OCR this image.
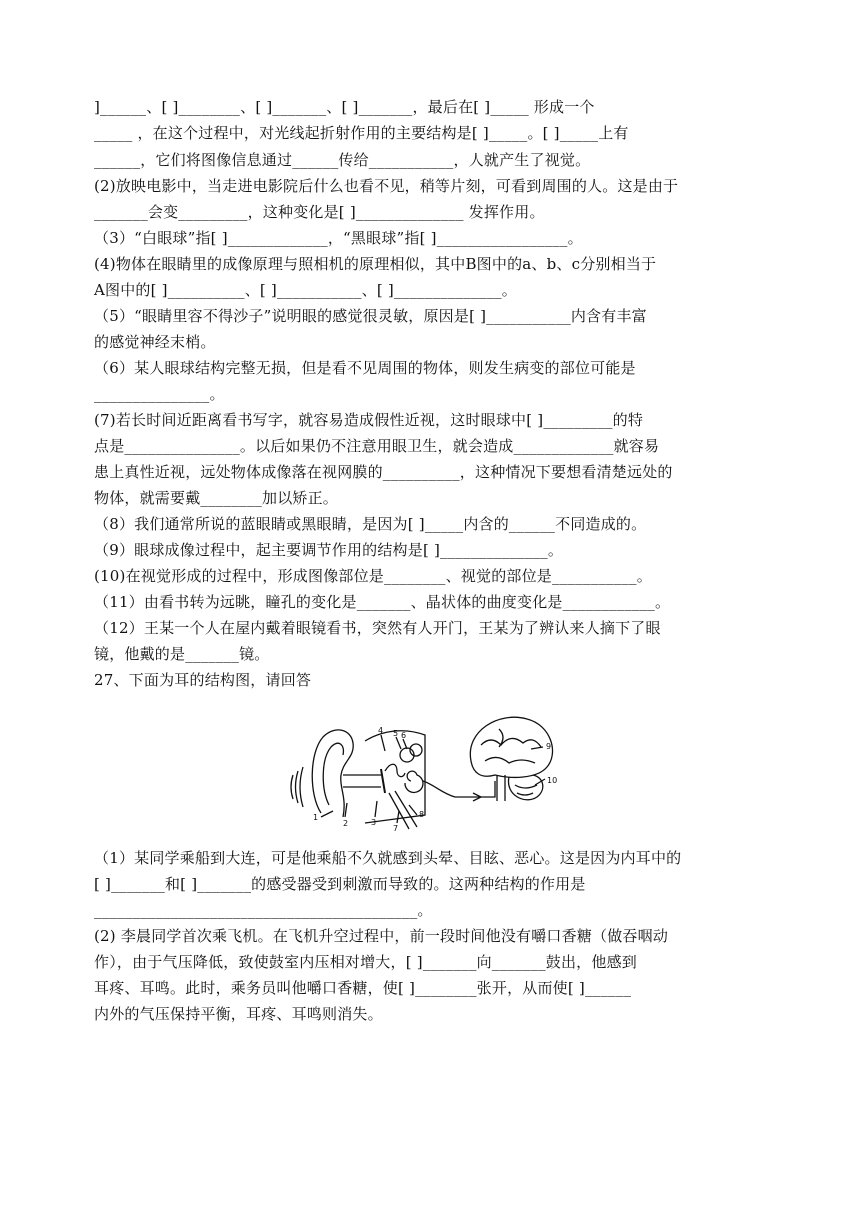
]______、[ ]________、[ ]_______、[ ]_______，最后在[ ]_____ 形成一个
_____ ，在这个过程中，对光线起折射作用的主要结构是[ ]_____。[ ]_____上有
______，它们将图像信息通过______传给___________，人就产生了视觉。
(2)放映电影中，当走进电影院后什么也看不见，稍等片刻，可看到周围的人。这是由于
_______会变_________，这种变化是[ ]______________ 发挥作用。
（3）“白眼球”指[ ]_____________，“黑眼球”指[ ]_________________。
(4)物体在眼睛里的成像原理与照相机的原理相似，其中B图中的a、b、c分别相当于
A图中的[ ]__________、[ ]___________、[ ]______________。
（5）“眼睛里容不得沙子”说明眼的感觉很灵敏，原因是[ ]___________内含有丰富
的感觉神经末梢。
（6）某人眼球结构完整无损，但是看不见周围的物体，则发生病变的部位可能是
_______________。
(7)若长时间近距离看书写字，就容易造成假性近视，这时眼球中[ ]_________的特
点是_______________。以后如果仍不注意用眼卫生，就会造成_____________就容易
患上真性近视，远处物体成像落在视网膜的__________，这种情况下要想看清楚远处的
物体，就需要戴________加以矫正。
（8）我们通常所说的蓝眼睛或黑眼睛，是因为[ ]_____内含的______不同造成的。
（9）眼球成像过程中，起主要调节作用的结构是[ ]______________。
(10)在视觉形成的过程中，形成图像部位是________、视觉的部位是___________。
（11）由看书转为远眺，瞳孔的变化是_______、晶状体的曲度变化是____________。
（12）王某一个人在屋内戴着眼镜看书，突然有人开门，王某为了辨认来人摘下了眼
镜，他戴的是_______镜。
27、下面为耳的结构图，请回答
1
2	3
4 5 6
7
8
9
10
（1）某同学乘船到大连，可是他乘船不久就感到头晕、目眩、恶心。这是因为内耳中的
[ ]_______和[ ]_______的感受器受到刺激而导致的。这两种结构的作用是
__________________________________________。
(2) 李晨同学首次乘飞机。在飞机升空过程中，前一段时间他没有嚼口香糖（做吞咽动
作），由于气压降低，致使鼓室内压相对增大，[ ]_______向_______鼓出，他感到
耳疼、耳鸣。此时，乘务员叫他嚼口香糖，使[ ]________张开，从而使[ ]______
内外的气压保持平衡，耳疼、耳鸣则消失。
